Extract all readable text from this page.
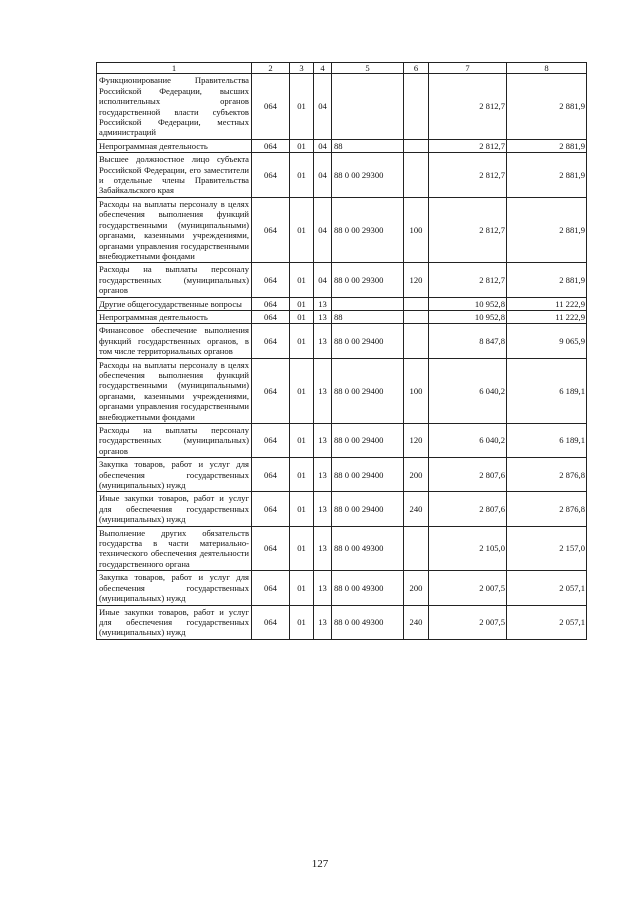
1	2	3	4	5	6	7	8
Функционирование Правительства Российской Федерации, высших исполнительных органов государственной власти субъектов Российской Федерации, местных администраций	064	01	04			2 812,7	2 881,9
Непрограммная деятельность	064	01	04	88		2 812,7	2 881,9
Высшее должностное лицо субъекта Российской Федерации, его заместители и отдельные члены Правительства Забайкальского края	064	01	04	88 0 00 29300		2 812,7	2 881,9
Расходы на выплаты персоналу в целях обеспечения выполнения функций государственными (муниципальными) органами, казенными учреждениями, органами управления государственными внебюджетными фондами	064	01	04	88 0 00 29300	100	2 812,7	2 881,9
Расходы на выплаты персоналу государственных (муниципальных) органов	064	01	04	88 0 00 29300	120	2 812,7	2 881,9
Другие общегосударственные вопросы	064	01	13			10 952,8	11 222,9
Непрограммная деятельность	064	01	13	88		10 952,8	11 222,9
Финансовое обеспечение выполнения функций государственных органов, в том числе территориальных органов	064	01	13	88 0 00 29400		8 847,8	9 065,9
Расходы на выплаты персоналу в целях обеспечения выполнения функций государственными (муниципальными) органами, казенными учреждениями, органами управления государственными внебюджетными фондами	064	01	13	88 0 00 29400	100	6 040,2	6 189,1
Расходы на выплаты персоналу государственных (муниципальных) органов	064	01	13	88 0 00 29400	120	6 040,2	6 189,1
Закупка товаров, работ и услуг для обеспечения государственных (муниципальных) нужд	064	01	13	88 0 00 29400	200	2 807,6	2 876,8
Иные закупки товаров, работ и услуг для обеспечения государственных (муниципальных) нужд	064	01	13	88 0 00 29400	240	2 807,6	2 876,8
Выполнение других обязательств государства в части материально-технического обеспечения деятельности государственного органа	064	01	13	88 0 00 49300		2 105,0	2 157,0
Закупка товаров, работ и услуг для обеспечения государственных (муниципальных) нужд	064	01	13	88 0 00 49300	200	2 007,5	2 057,1
Иные закупки товаров, работ и услуг для обеспечения государственных (муниципальных) нужд	064	01	13	88 0 00 49300	240	2 007,5	2 057,1
127
